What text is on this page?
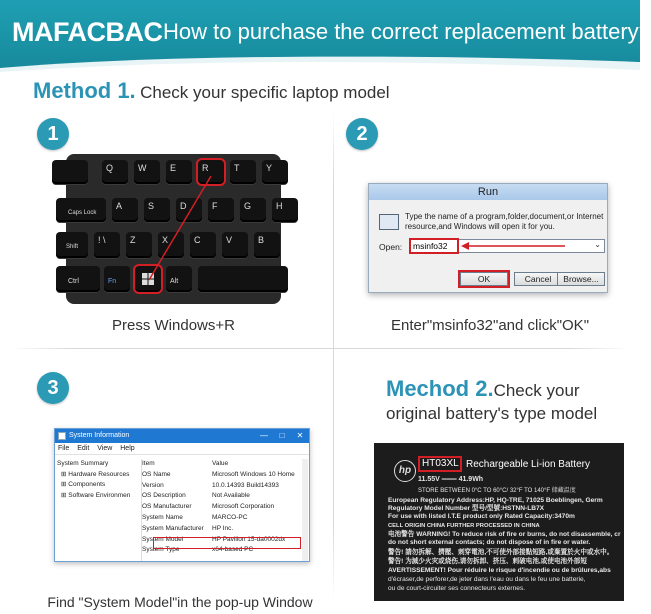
MAFACBAC How to purchase the correct replacement battery?
Method 1. Check your specific laptop model
1
Q	W	E	R	T	Y
Caps Lock
A	S	D	F	G	H
Shift
! \	Z	X	C	V	B
Ctrl	Fn	Alt
Press Windows+R
2
Run
Type the name of a program,folder,document,or Internet resource,and Windows will open it for you.
Open: msinfo32	⌄
OK	Cancel	Browse...
Enter"msinfo32"and click"OK"
3
System Information	—	□	✕
File Edit View Help
System Summary
⊞ Hardware Resources
⊞ Components
⊞ Software Environmen
Item	Value
OS Name	Microsoft Windows 10 Home
Version	10.0.14393 Build14393
OS Description	Not Available
OS Manufacturer	Microsoft Corporation
System Name	MARCO-PC
System Manufacturer	HP Inc.
System Model	HP Pavilion 15-da0002dx
System Type	x64-based PC
Find "System Model"in the pop-up Window
Mechod 2.Check your
original battery's type model
hp
HT03XL Rechargeable Li-ion Battery
11.55V ═══ 41.9Wh
STORE BETWEEN 0°C TO 60°C/ 32°F TO 140°F 储藏温度
European Regulatory Address:HP, HQ-TRE, 71025 Boeblingen, Germ
Regulatory Model Number 型号/型號:HSTNN-LB7X
For use with listed I.T.E product only Rated Capacity:3470m
CELL ORIGIN CHINA FURTHER PROCESSED IN CHINA
电池警告 WARNING! To reduce risk of fire or burns, do not disassemble, cr
do not short external contacts; do not dispose of in fire or water.
警告! 請勿拆解、擠壓、刺穿電池,不可使外部接點短路,或棄置於火中或水中。
警告! 为減少火灾或烧伤,请勿拆卸、挤压、刺破电池,或使电池外部短
AVERTISSEMENT! Pour réduire le risque d'incendie ou de brûlures,abs
d'écraser,de perforer,de jeter dans l'eau ou dans le feu une batterie,
ou de court-circuiter ses connecteurs externes.
